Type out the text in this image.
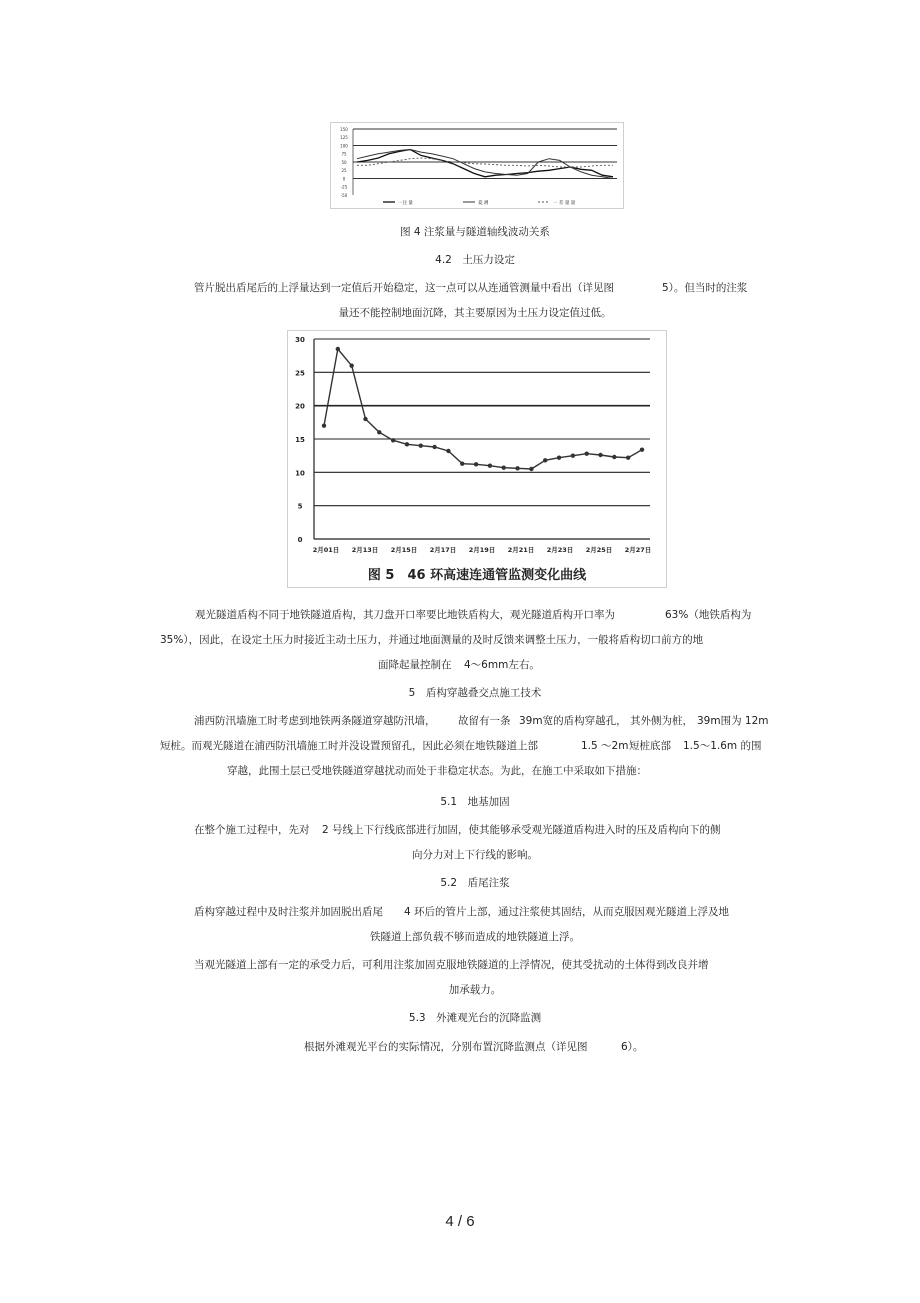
150
125
100
75
50
25
0
-25
-50
一注 量	夏 测	一 差 量 量
图 4 注浆量与隧道轴线波动关系
4.2　土压力设定
管片脱出盾尾后的上浮量达到一定值后开始稳定，这一点可以从连通管测量中看出（详见图	5）。但当时的注浆
量还不能控制地面沉降，其主要原因为土压力设定值过低。
30
25
20
15
10
5
0
2月01日 2月13日 2月15日 2月17日 2月19日 2月21日 2月23日 2月25日 2月27日
图 5　46 环高速连通管监测变化曲线
观光隧道盾构不同于地铁隧道盾构，其刀盘开口率要比地铁盾构大，观光隧道盾构开口率为	63%（地铁盾构为
35%），因此，在设定土压力时接近主动土压力，并通过地面测量的及时反馈来调整土压力，一般将盾构切口前方的地
面降起量控制在 4～6mm左右。
5　盾构穿越叠交点施工技术
浦西防汛墙施工时考虑到地铁两条隧道穿越防汛墙， 故留有一条 39m宽的盾构穿越孔， 其外侧为桩， 39m围为 12m
短桩。而观光隧道在浦西防汛墙施工时并没设置预留孔，因此必须在地铁隧道上部	1.5 ～2m 短桩底部 1.5～1.6m 的围
穿越，此围土层已受地铁隧道穿越扰动而处于非稳定状态。为此，在施工中采取如下措施：
5.1　地基加固
在整个施工过程中，先对 2 号线上下行线底部进行加固，使其能够承受观光隧道盾构进入时的压及盾构向下的侧
向分力对上下行线的影响。
5.2　盾尾注浆
盾构穿越过程中及时注浆并加固脱出盾尾 4 环后的管片上部，通过注浆使其固结，从而克服因观光隧道上浮及地
铁隧道上部负载不够而造成的地铁隧道上浮。
当观光隧道上部有一定的承受力后，可利用注浆加固克服地铁隧道的上浮情况，使其受扰动的土体得到改良并增
加承载力。
5.3　外滩观光台的沉降监测
根据外滩观光平台的实际情况，分别布置沉降监测点（详见图	6）。
4 / 6
